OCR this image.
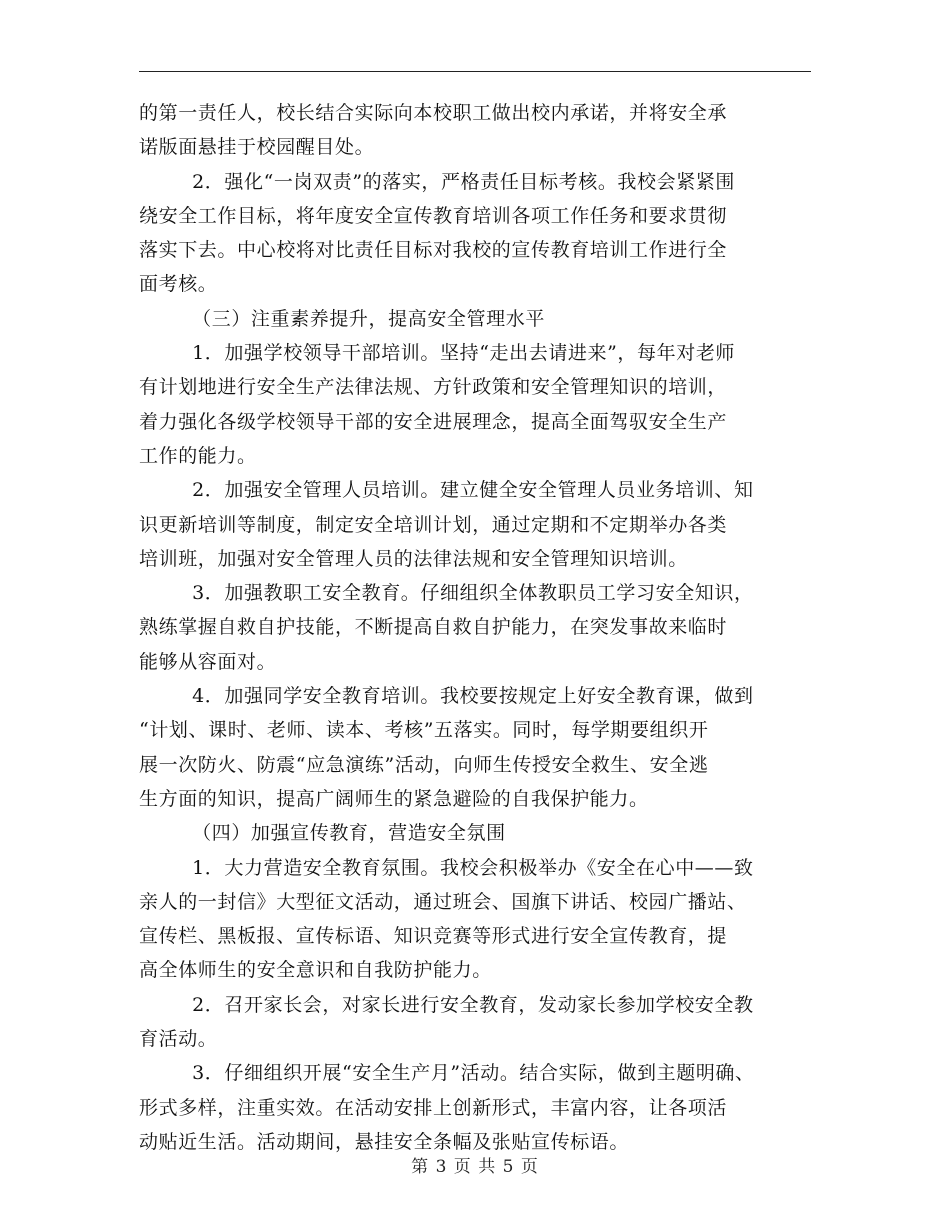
的第一责任人，校长结合实际向本校职工做出校内承诺，并将安全承
诺版面悬挂于校园醒目处。
2．强化“一岗双责”的落实，严格责任目标考核。我校会紧紧围
绕安全工作目标，将年度安全宣传教育培训各项工作任务和要求贯彻
落实下去。中心校将对比责任目标对我校的宣传教育培训工作进行全
面考核。
（三）注重素养提升，提高安全管理水平
1．加强学校领导干部培训。坚持“走出去请进来”，每年对老师
有计划地进行安全生产法律法规、方针政策和安全管理知识的培训，
着力强化各级学校领导干部的安全进展理念，提高全面驾驭安全生产
工作的能力。
2．加强安全管理人员培训。建立健全安全管理人员业务培训、知
识更新培训等制度，制定安全培训计划，通过定期和不定期举办各类
培训班，加强对安全管理人员的法律法规和安全管理知识培训。
3．加强教职工安全教育。仔细组织全体教职员工学习安全知识，
熟练掌握自救自护技能，不断提高自救自护能力，在突发事故来临时
能够从容面对。
4．加强同学安全教育培训。我校要按规定上好安全教育课，做到
“计划、课时、老师、读本、考核”五落实。同时，每学期要组织开
展一次防火、防震“应急演练”活动，向师生传授安全救生、安全逃
生方面的知识，提高广阔师生的紧急避险的自我保护能力。
（四）加强宣传教育，营造安全氛围
1．大力营造安全教育氛围。我校会积极举办《安全在心中——致
亲人的一封信》大型征文活动，通过班会、国旗下讲话、校园广播站、
宣传栏、黑板报、宣传标语、知识竞赛等形式进行安全宣传教育，提
高全体师生的安全意识和自我防护能力。
2．召开家长会，对家长进行安全教育，发动家长参加学校安全教
育活动。
3．仔细组织开展“安全生产月”活动。结合实际，做到主题明确、
形式多样，注重实效。在活动安排上创新形式，丰富内容，让各项活
动贴近生活。活动期间，悬挂安全条幅及张贴宣传标语。
第 3 页 共 5 页
